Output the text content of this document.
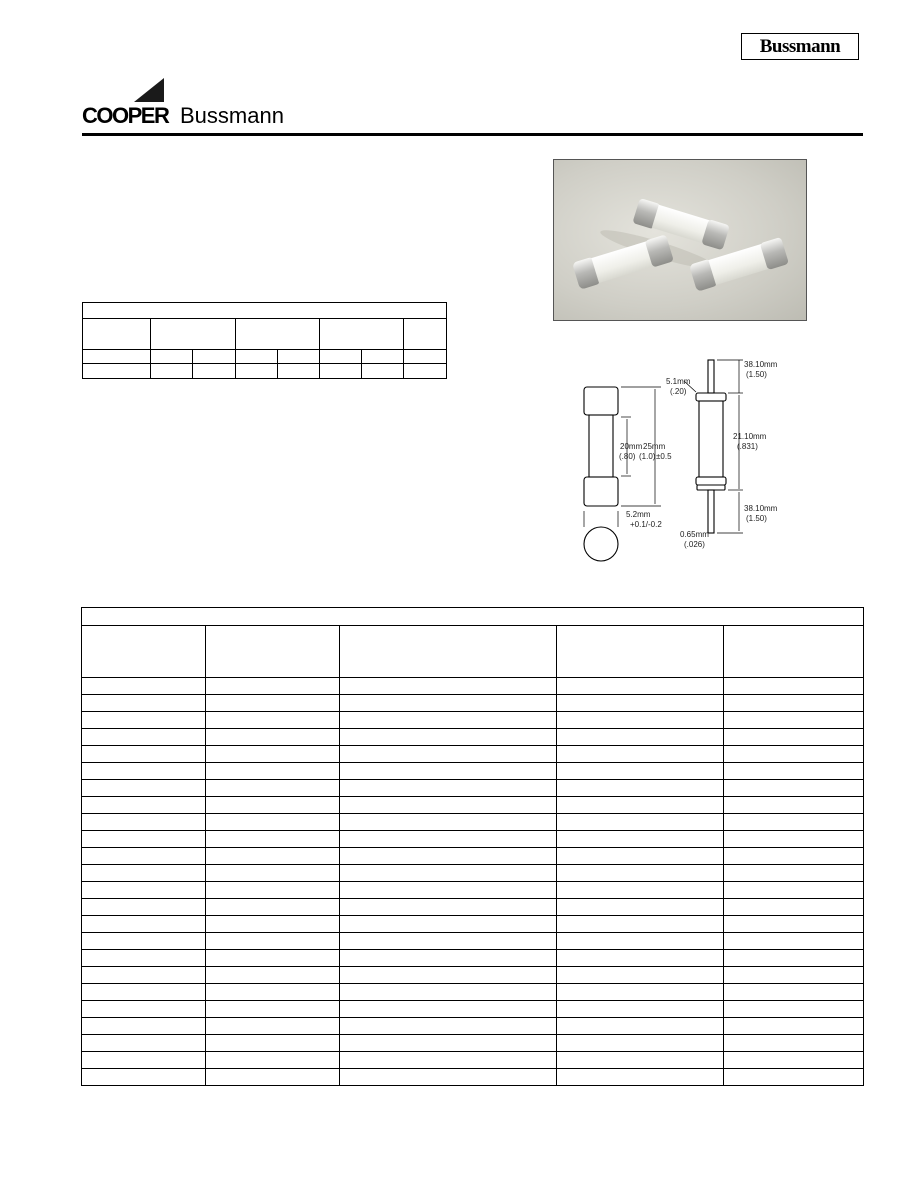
Bussmann
COOPER Bussmann
38.10mm
(1.50)
5.1mm
(.20)
21.10mm
(.831)
38.10mm
(1.50)
20mm 25mm
(.80) (1.0) ±0.5
5.2mm
+0.1/-0.2
0.65mm
(.026)
